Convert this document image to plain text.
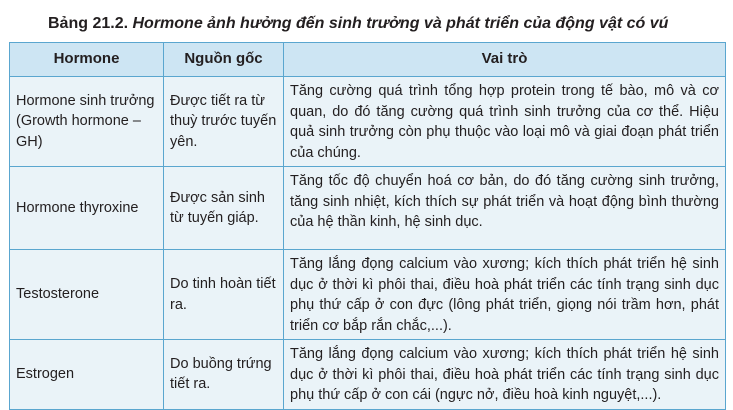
Bảng 21.2. Hormone ảnh hưởng đến sinh trưởng và phát triển của động vật có vú
Hormone	Nguồn gốc	Vai trò
Hormone sinh trưởng (Growth hormone – GH)	Được tiết ra từ thuỳ trước tuyến yên.	Tăng cường quá trình tổng hợp protein trong tế bào, mô và cơ quan, do đó tăng cường quá trình sinh trưởng của cơ thể. Hiệu quả sinh trưởng còn phụ thuộc vào loại mô và giai đoạn phát triển của chúng.
Hormone thyroxine	Được sản sinh từ tuyến giáp.	Tăng tốc độ chuyển hoá cơ bản, do đó tăng cường sinh trưởng, tăng sinh nhiệt, kích thích sự phát triển và hoạt động bình thường của hệ thần kinh, hệ sinh dục.
Testosterone	Do tinh hoàn tiết ra.	Tăng lắng đọng calcium vào xương; kích thích phát triển hệ sinh dục ở thời kì phôi thai, điều hoà phát triển các tính trạng sinh dục phụ thứ cấp ở con đực (lông phát triển, giọng nói trầm hơn, phát triển cơ bắp rắn chắc,...).
Estrogen	Do buồng trứng tiết ra.	Tăng lắng đọng calcium vào xương; kích thích phát triển hệ sinh dục ở thời kì phôi thai, điều hoà phát triển các tính trạng sinh dục phụ thứ cấp ở con cái (ngực nở, điều hoà kinh nguyệt,...).
